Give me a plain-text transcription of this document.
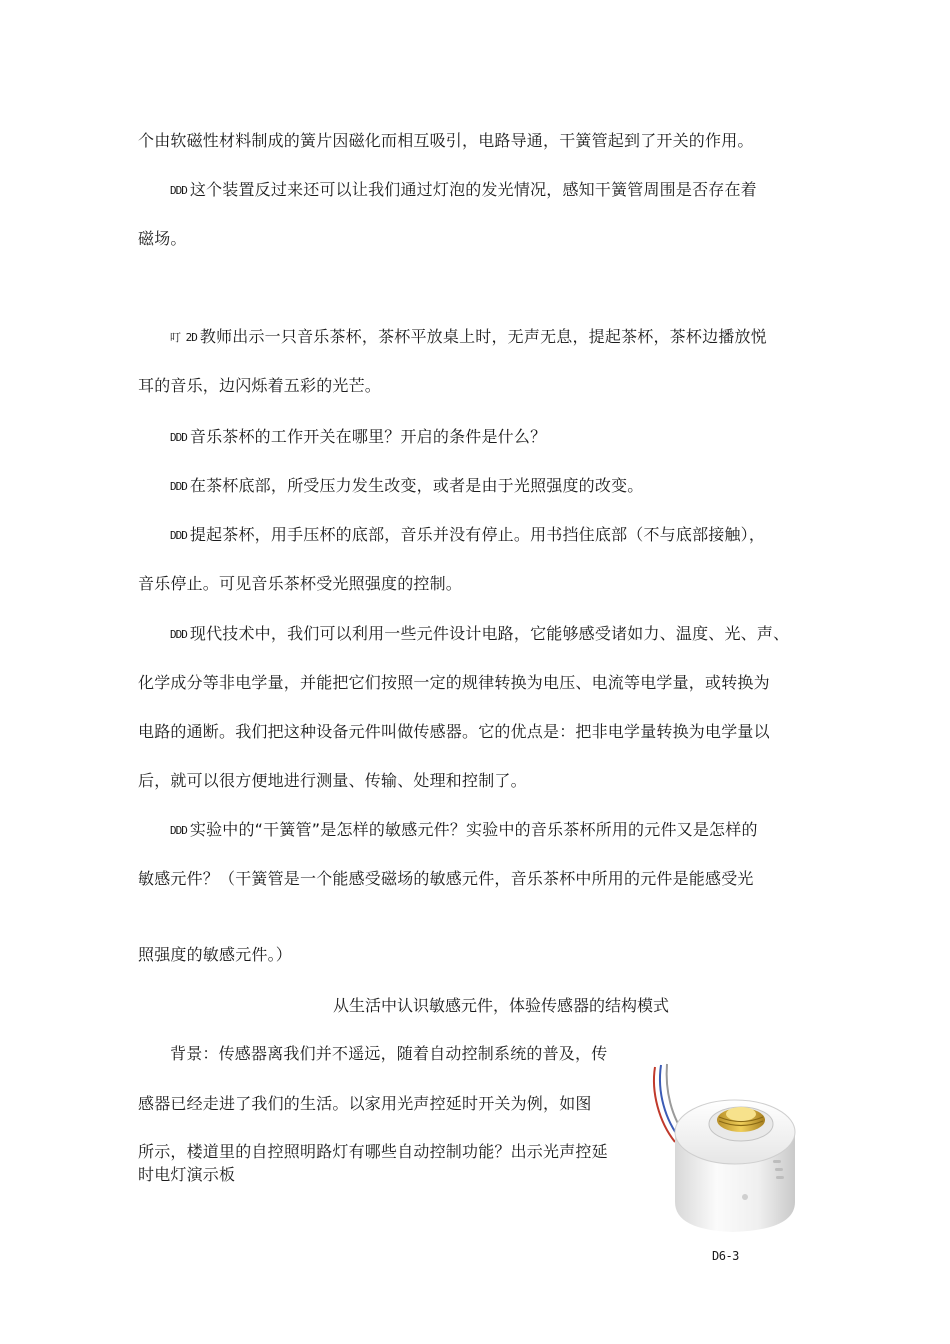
个由软磁性材料制成的簧片因磁化而相互吸引，电路导通，干簧管起到了开关的作用。
DDD 这个装置反过来还可以让我们通过灯泡的发光情况，感知干簧管周围是否存在着
磁场。
叮 2D 教师出示一只音乐茶杯，茶杯平放桌上时，无声无息，提起茶杯，茶杯边播放悦
耳的音乐，边闪烁着五彩的光芒。
DDD 音乐茶杯的工作开关在哪里？开启的条件是什么？
DDD 在茶杯底部，所受压力发生改变，或者是由于光照强度的改变。
DDD 提起茶杯，用手压杯的底部，音乐并没有停止。用书挡住底部（不与底部接触），
音乐停止。可见音乐茶杯受光照强度的控制。
DDD 现代技术中，我们可以利用一些元件设计电路，它能够感受诸如力、温度、光、声、
化学成分等非电学量，并能把它们按照一定的规律转换为电压、电流等电学量，或转换为
电路的通断。我们把这种设备元件叫做传感器。它的优点是：把非电学量转换为电学量以
后，就可以很方便地进行测量、传输、处理和控制了。
DDD 实验中的“干簧管”是怎样的敏感元件？实验中的音乐茶杯所用的元件又是怎样的
敏感元件？（干簧管是一个能感受磁场的敏感元件，音乐茶杯中所用的元件是能感受光
照强度的敏感元件。）
从生活中认识敏感元件，体验传感器的结构模式
背景：传感器离我们并不遥远，随着自动控制系统的普及，传
感器已经走进了我们的生活。以家用光声控延时开关为例，如图
所示，楼道里的自控照明路灯有哪些自动控制功能？出示光声控延
时电灯演示板
D6-3
